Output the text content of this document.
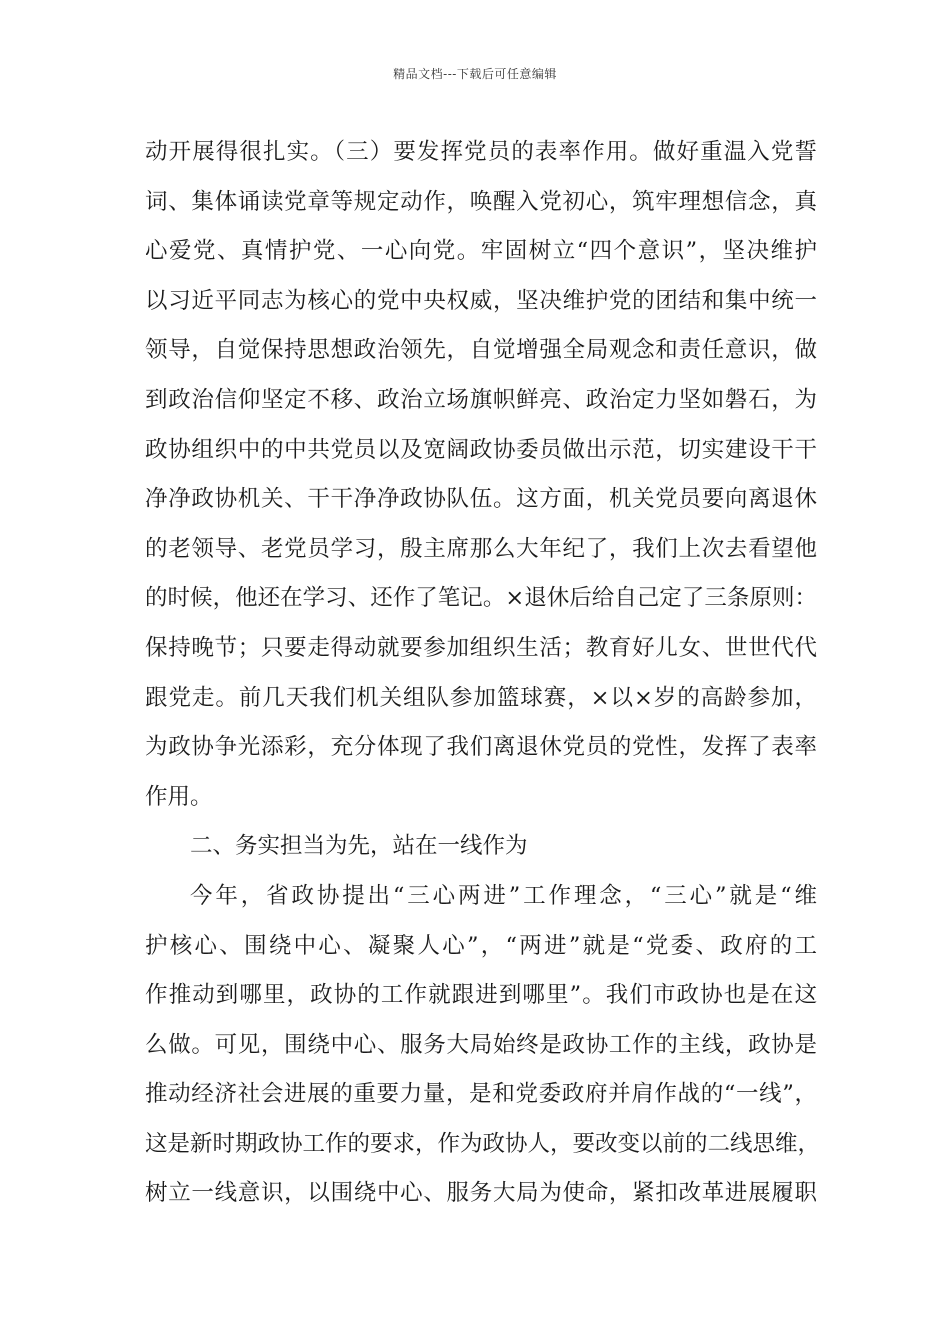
精品文档---下载后可任意编辑
动开展得很扎实。（三）要发挥党员的表率作用。做好重温入党誓
词、集体诵读党章等规定动作，唤醒入党初心，筑牢理想信念，真
心爱党、真情护党、一心向党。牢固树立“四个意识”，坚决维护
以习近平同志为核心的党中央权威，坚决维护党的团结和集中统一
领导，自觉保持思想政治领先，自觉增强全局观念和责任意识，做
到政治信仰坚定不移、政治立场旗帜鲜亮、政治定力坚如磐石，为
政协组织中的中共党员以及宽阔政协委员做出示范，切实建设干干
净净政协机关、干干净净政协队伍。这方面，机关党员要向离退休
的老领导、老党员学习，殷主席那么大年纪了，我们上次去看望他
的时候，他还在学习、还作了笔记。×退休后给自己定了三条原则：
保持晚节；只要走得动就要参加组织生活；教育好儿女、世世代代
跟党走。前几天我们机关组队参加篮球赛，×以×岁的高龄参加，
为政协争光添彩，充分体现了我们离退休党员的党性，发挥了表率
作用。
二、务实担当为先，站在一线作为
今年，省政协提出“三心两进”工作理念，“三心”就是“维
护核心、围绕中心、凝聚人心”，“两进”就是“党委、政府的工
作推动到哪里，政协的工作就跟进到哪里”。我们市政协也是在这
么做。可见，围绕中心、服务大局始终是政协工作的主线，政协是
推动经济社会进展的重要力量，是和党委政府并肩作战的“一线”，
这是新时期政协工作的要求，作为政协人，要改变以前的二线思维，
树立一线意识，以围绕中心、服务大局为使命，紧扣改革进展履职
